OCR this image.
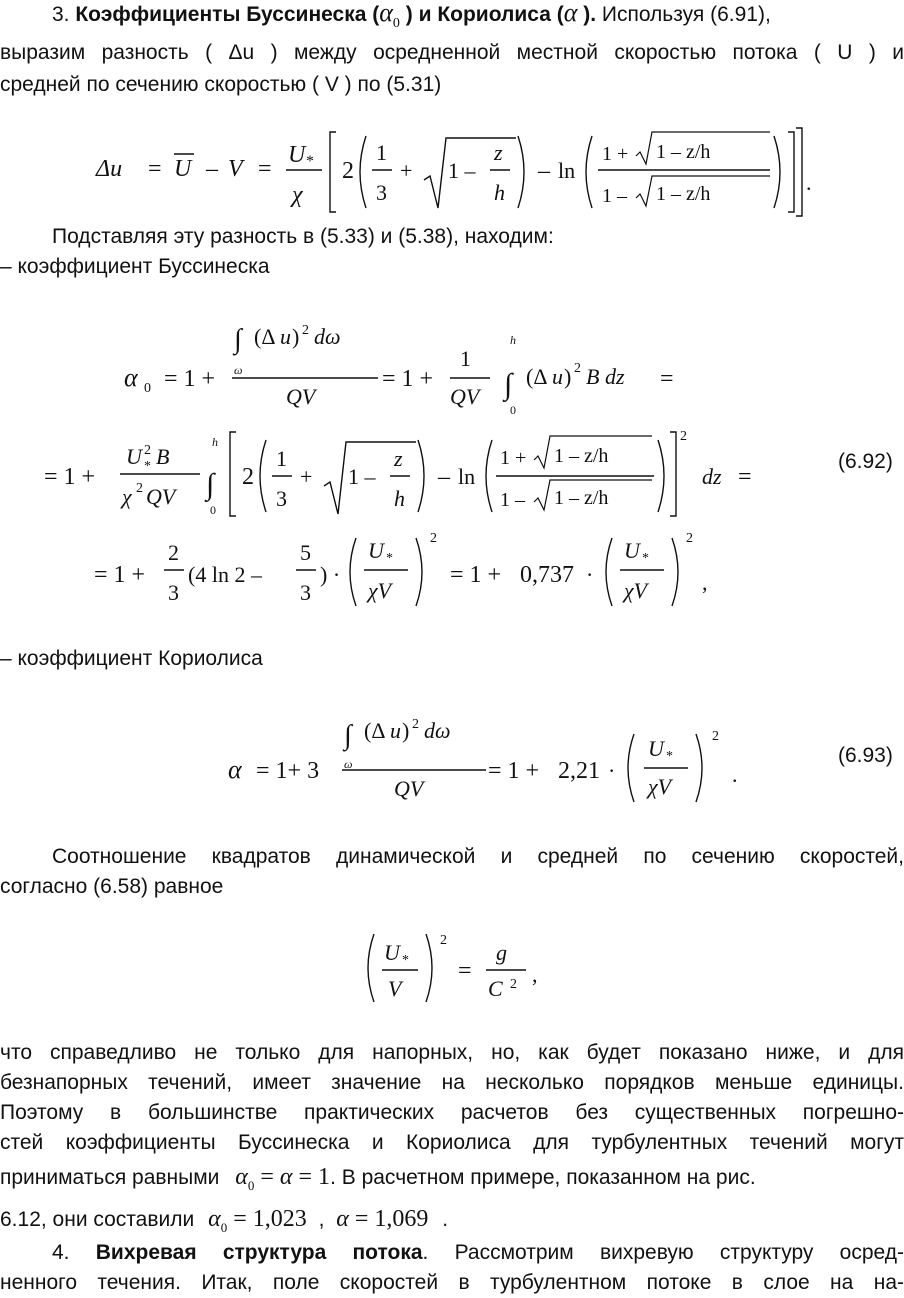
3. Коэффициенты Буссинеска ($\alpha_0$ ) и Кориолиса (α ). Используя (6.91),
выразим разность ( Δu ) между осредненной местной скоростью потока ( U ) и
средней по сечению скоростью ( V ) по (5.31)
Δu = U – V =
U *
χ
2
1
3
+ 1 –
z
h
– ln
1 + 1 – z/h
1 – 1 – z/h	.
Подставляя эту разность в (5.33) и (5.38), находим:
– коэффициент Буссинеска
α 0 = 1 +
∫
ω
(Δ u ) 2 dω
QV
= 1 +
1
QV
h
∫
0
(Δ u ) 2 B dz =
= 1 +
U 2
* B
χ 2 QV
h
∫
0
2
1
3
+ 1 –
z
h
– ln
1 + 1 – z/h
1 – 1 – z/h
2
dz =
(6.92)
= 1 +
2
3
(4 ln 2 –
5
3
) ·
U *
χV
2
= 1 + 0,737 ·
U *
χV
2
,
– коэффициент Кориолиса
α = 1+ 3
∫
ω
(Δ u ) 2 dω
QV
= 1 + 2,21 ·
U *
χV
2
.
(6.93)
Соотношение квадратов динамической и средней по сечению скоростей,
согласно (6.58) равное
U *
V
2
=
g
C 2 ,
что справедливо не только для напорных, но, как будет показано ниже, и для
безнапорных течений, имеет значение на несколько порядков меньше единицы.
Поэтому в большинстве практических расчетов без существенных погрешно-
стей коэффициенты Буссинеска и Кориолиса для турбулентных течений могут
приниматься равными $\alpha_0 = \alpha = 1$. В расчетном примере, показанном на рис.
6.12, они составили $\alpha_0 = 1,023$ , α = 1,069 .
4. Вихревая структура потока. Рассмотрим вихревую структуру осред-
ненного течения. Итак, поле скоростей в турбулентном потоке в слое на на-
